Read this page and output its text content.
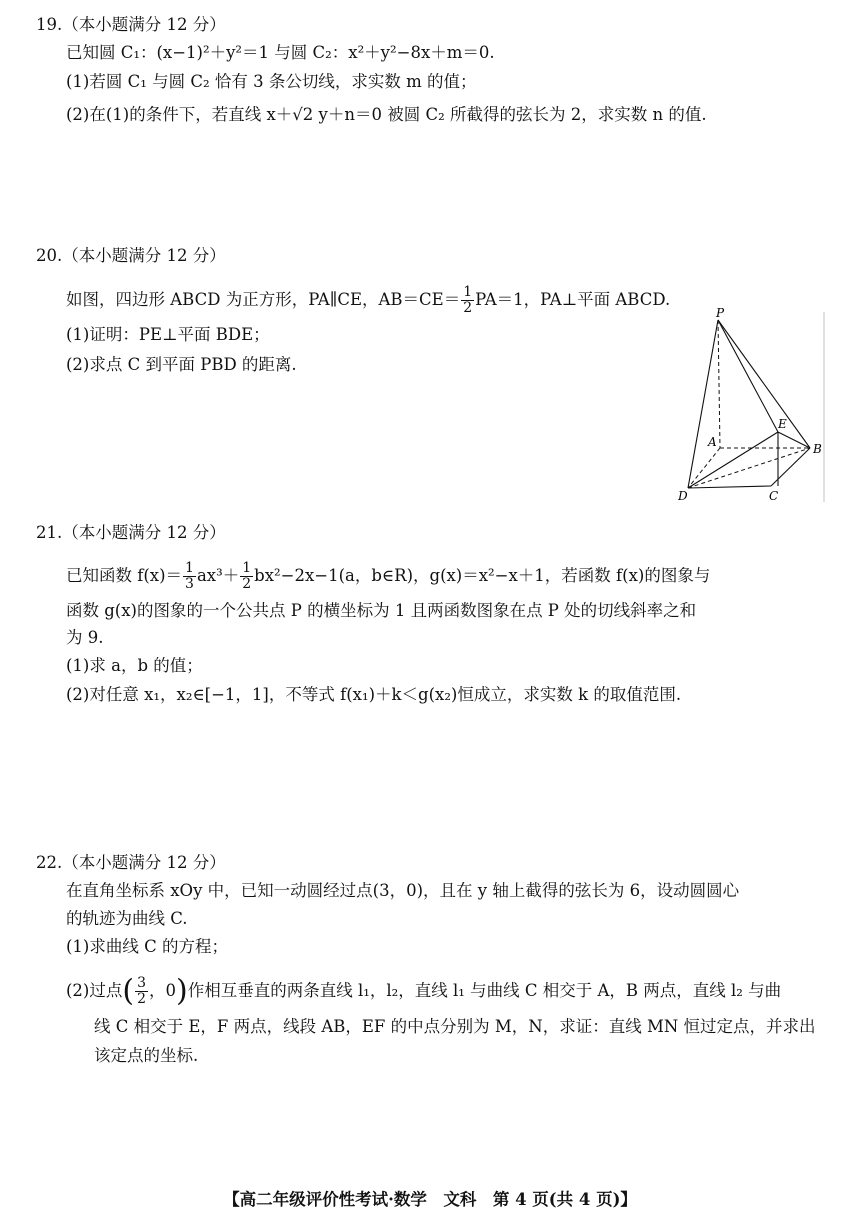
19.（本小题满分 12 分）
已知圆 C₁：(x−1)²＋y²＝1 与圆 C₂：x²＋y²−8x＋m＝0.
(1)若圆 C₁ 与圆 C₂ 恰有 3 条公切线，求实数 m 的值；
(2)在(1)的条件下，若直线 x＋√2 y＋n＝0 被圆 C₂ 所截得的弦长为 2，求实数 n 的值.
20.（本小题满分 12 分）
如图，四边形 ABCD 为正方形，PA∥CE，$AB=CE= \frac{1}{2} PA=1$，PA⊥平面 ABCD.
(1)证明：PE⊥平面 BDE；
(2)求点 C 到平面 PBD 的距离.
P
A
E
B
D	C
21.（本小题满分 12 分）
已知函数 $f(x)= \frac{1}{3} ax^3+ \frac{1}{2} bx^2-2x-1(a$，b∈R)，g(x)＝x²−x＋1，若函数 f(x)的图象与
函数 g(x)的图象的一个公共点 P 的横坐标为 1 且两函数图象在点 P 处的切线斜率之和
为 9.
(1)求 a，b 的值；
(2)对任意 x₁，x₂∈[−1，1]，不等式 f(x₁)＋k＜g(x₂)恒成立，求实数 k 的取值范围.
22.（本小题满分 12 分）
在直角坐标系 xOy 中，已知一动圆经过点(3，0)，且在 y 轴上截得的弦长为 6，设动圆圆心
的轨迹为曲线 C.
(1)求曲线 C 的方程；
(2)过点( $\frac{3}{2}$ ，0)作相互垂直的两条直线 l₁，l₂，直线 l₁ 与曲线 C 相交于 A，B 两点，直线 l₂ 与曲
线 C 相交于 E，F 两点，线段 AB，EF 的中点分别为 M，N，求证：直线 MN 恒过定点，并求出
该定点的坐标.
【高二年级评价性考试·数学　文科　第 4 页(共 4 页)】
